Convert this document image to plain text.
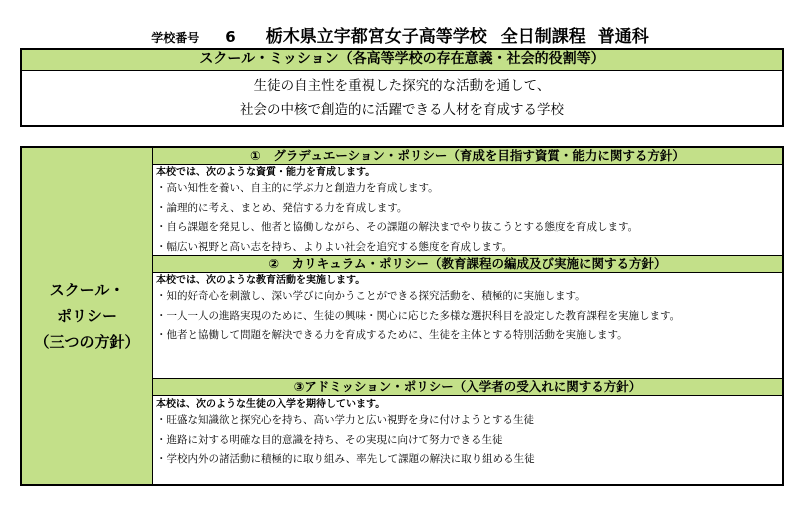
学校番号 6 栃木県立宇都宮女子高等学校 全日制課程 普通科
スクール・ミッション（各高等学校の存在意義・社会的役割等）
生徒の自主性を重視した探究的な活動を通して、
社会の中核で創造的に活躍できる人材を育成する学校
スクール・
ポリシー
（三つの方針）
①　グラデュエーション・ポリシー（育成を目指す資質・能力に関する方針）
本校では、次のような資質・能力を育成します。
・高い知性を養い、自主的に学ぶ力と創造力を育成します。
・論理的に考え、まとめ、発信する力を育成します。
・自ら課題を発見し、他者と協働しながら、その課題の解決までやり抜こうとする態度を育成します。
・幅広い視野と高い志を持ち、よりよい社会を追究する態度を育成します。
②　カリキュラム・ポリシー（教育課程の編成及び実施に関する方針）
本校では、次のような教育活動を実施します。
・知的好奇心を刺激し、深い学びに向かうことができる探究活動を、積極的に実施します。
・一人一人の進路実現のために、生徒の興味・関心に応じた多様な選択科目を設定した教育課程を実施します。
・他者と協働して問題を解決できる力を育成するために、生徒を主体とする特別活動を実施します。
③アドミッション・ポリシー（入学者の受入れに関する方針）
本校は、次のような生徒の入学を期待しています。
・旺盛な知識欲と探究心を持ち、高い学力と広い視野を身に付けようとする生徒
・進路に対する明確な目的意識を持ち、その実現に向けて努力できる生徒
・学校内外の諸活動に積極的に取り組み、率先して課題の解決に取り組める生徒
